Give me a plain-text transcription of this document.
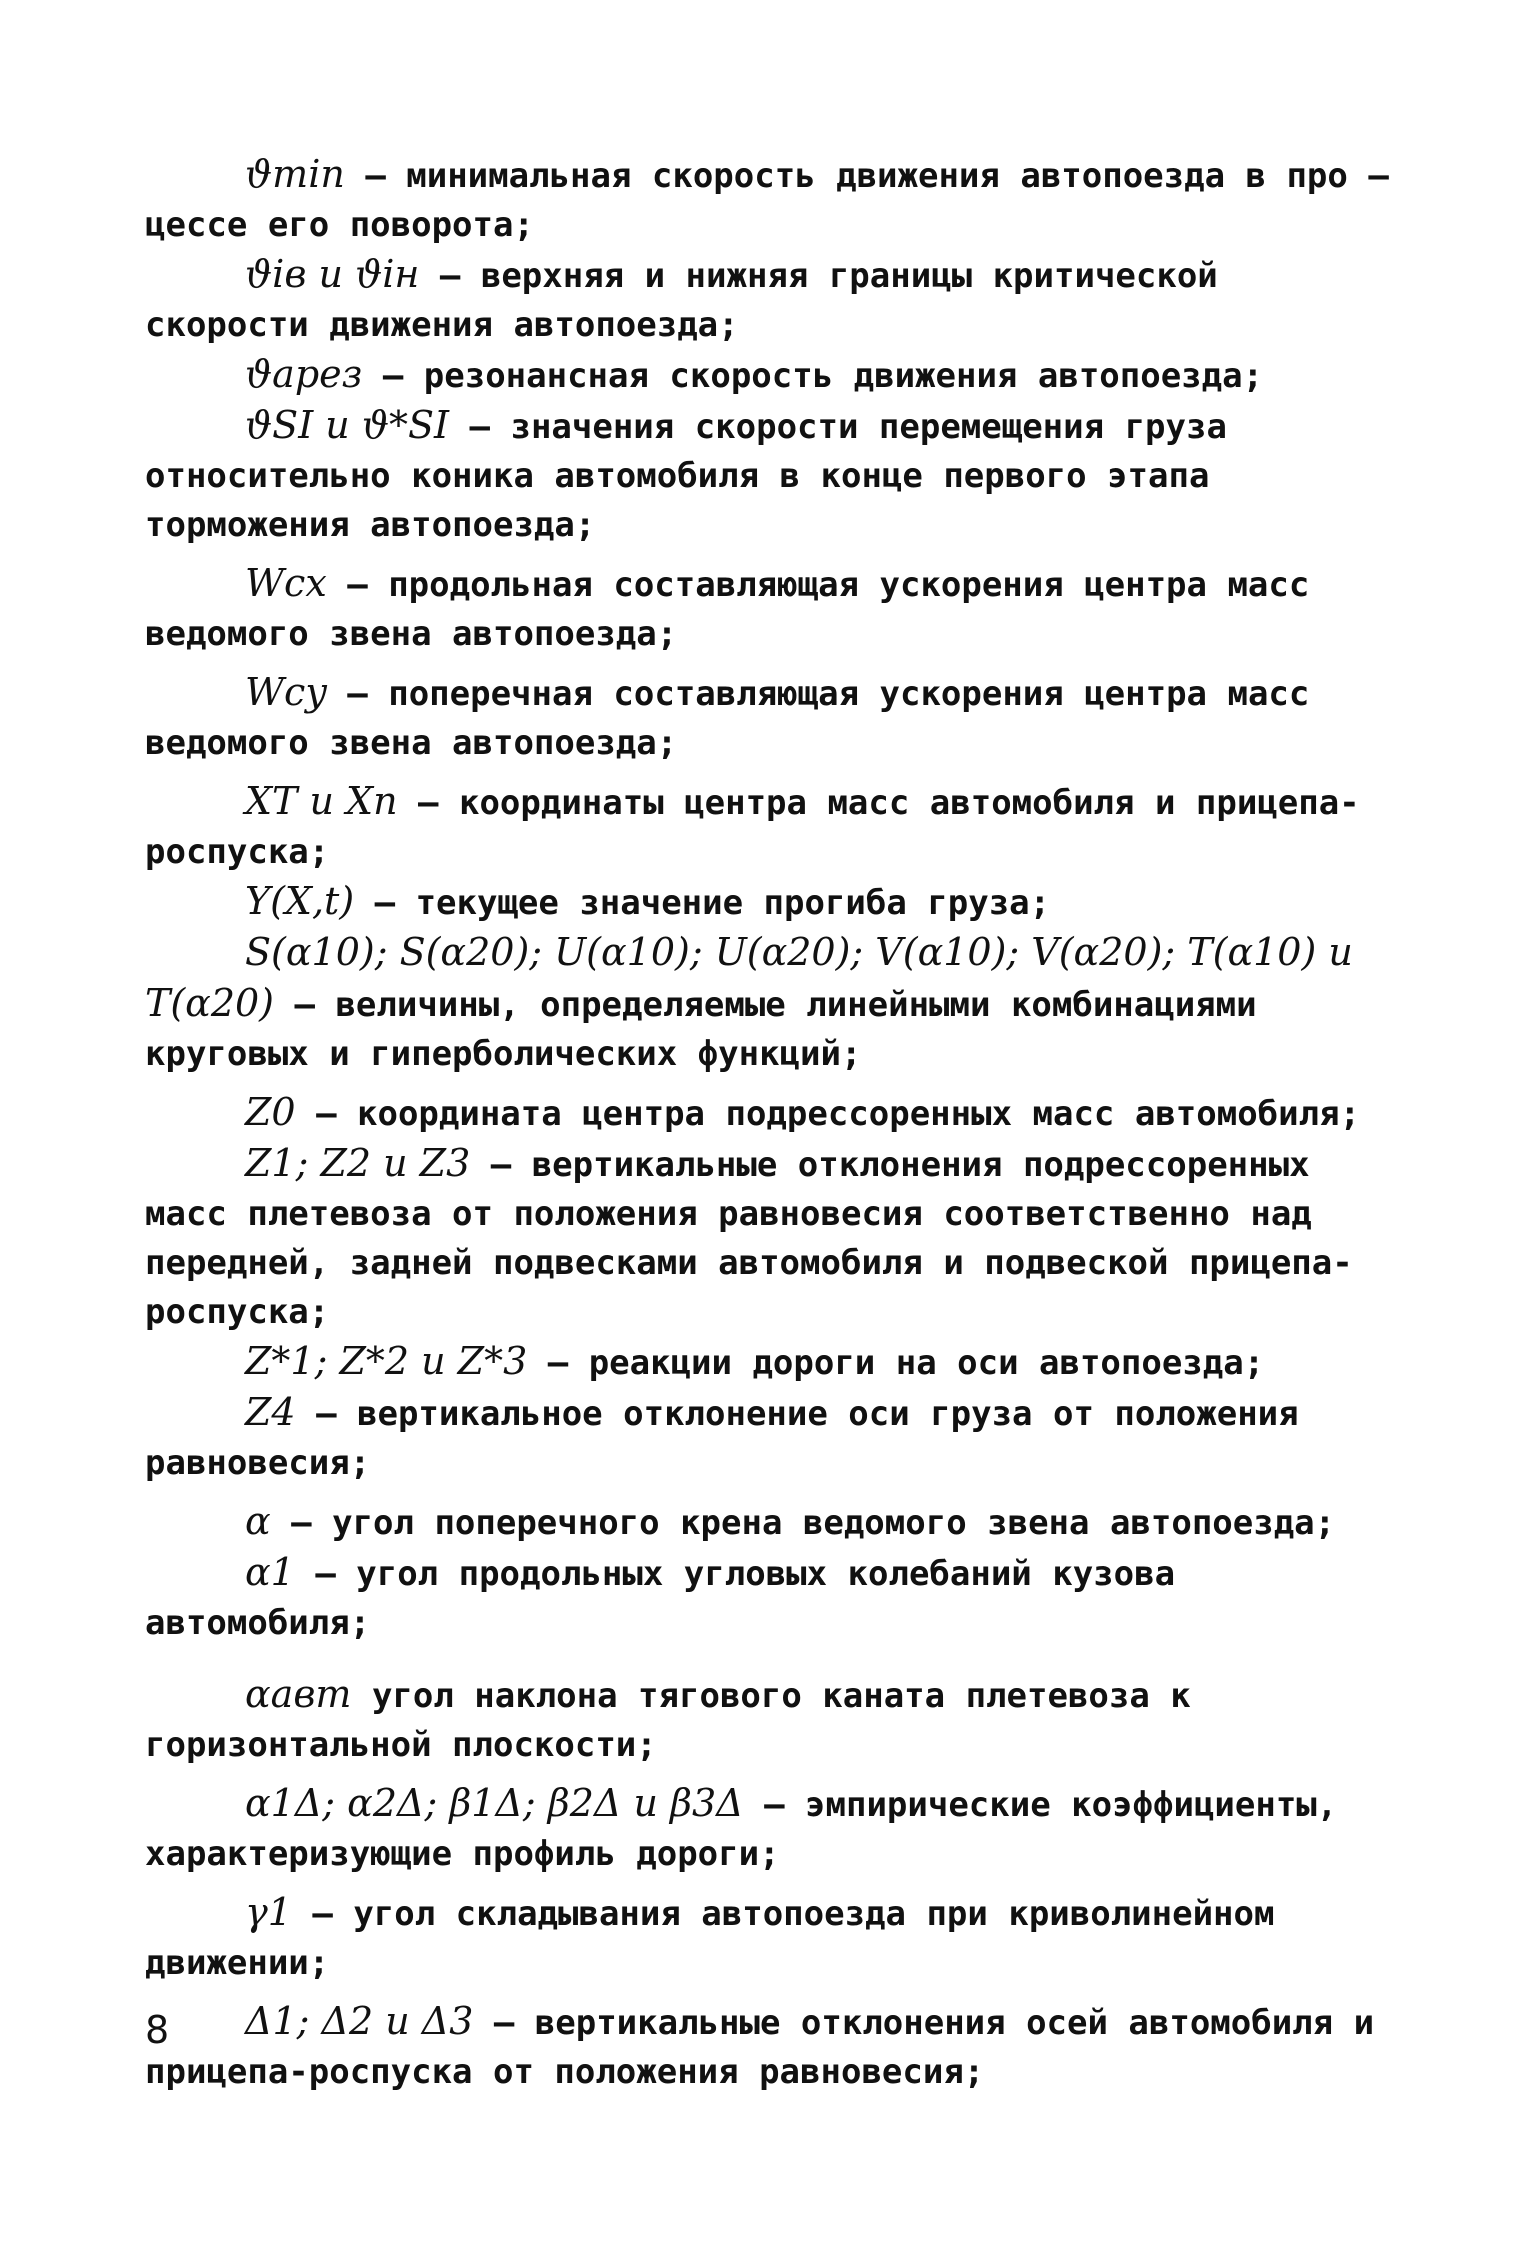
ϑmin – минимальная скорость движения автопоезда в про – цессе его поворота;

ϑiв и ϑiн – верхняя и нижняя границы критической скорости движения автопоезда;

ϑaрез – резонансная скорость движения автопоезда;

ϑSI и ϑ*SI – значения скорости перемещения груза относительно коника автомобиля в конце первого этапа торможения автопоезда;

Wcx – продольная составляющая ускорения центра масс ведомого звена автопоезда;

Wcy – поперечная составляющая ускорения центра масс ведомого звена автопоезда;

XT и Xп – координаты центра масс автомобиля и прицепа-роспуска;

Y(X,t) – текущее значение прогиба груза;

S(α10); S(α20); U(α10); U(α20); V(α10); V(α20); T(α10) и T(α20) – величины, определяемые линейными комбинациями круговых и гиперболических функций;

Z0 – координата центра подрессоренных масс автомобиля;

Z1; Z2 и Z3 – вертикальные отклонения подрессоренных масс плетевоза от положения равновесия соответственно над передней, задней подвесками автомобиля и подвеской прицепа-роспуска;

Z*1; Z*2 и Z*3 – реакции дороги на оси автопоезда;

Z4 – вертикальное отклонение оси груза от положения равновесия;

α – угол поперечного крена ведомого звена автопоезда;

α1 – угол продольных угловых колебаний кузова автомобиля;

αавт угол наклона тягового каната плетевоза к горизонтальной плоскости;

α1Δ; α2Δ; β1Δ; β2Δ и β3Δ – эмпирические коэффициенты, характеризующие профиль дороги;

γ1 – угол складывания автопоезда при криволинейном движении;

Δ1; Δ2 и Δ3 – вертикальные отклонения осей автомобиля и прицепа-роспуска от положения равновесия;

8
